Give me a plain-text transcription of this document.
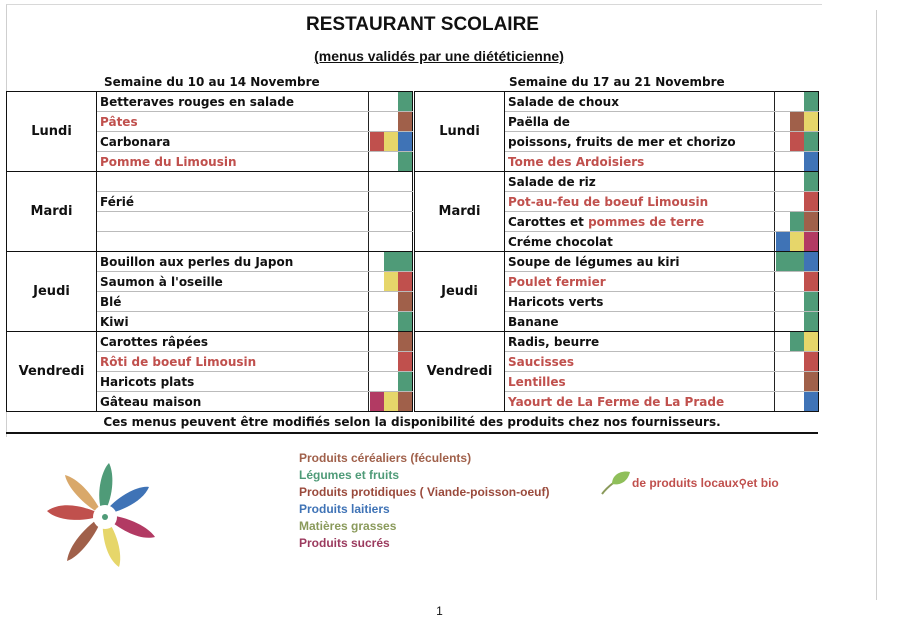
RESTAURANT SCOLAIRE
(menus validés par une diététicienne)
Semaine du 10 au 14 Novembre	Semaine du 17 au 21 Novembre
Lundi	Betteraves rouges en salade	

	Pâtes	

	Carbonara	

	Pomme du Limousin	

Mardi		

	Férié	

Jeudi	Bouillon aux perles du Japon	

	Saumon à l'oseille	

	Blé	

	Kiwi	

Vendredi	Carottes râpées	

	Rôti de boeuf Limousin	

	Haricots plats	

	Gâteau maison	
Lundi	Salade de choux	

	Paëlla de	

	poissons, fruits de mer et chorizo	

	Tome des Ardoisiers	

Mardi	Salade de riz	

	Pot-au-feu de boeuf Limousin	

	Carottes et pommes de terre	

	Créme chocolat	

Jeudi	Soupe de légumes au kiri	

	Poulet fermier	

	Haricots verts	

	Banane	

Vendredi	Radis, beurre	

	Saucisses	

	Lentilles	

	Yaourt de La Ferme de La Prade	
Ces menus peuvent être modifiés selon la disponibilité des produits chez nos fournisseurs.
Produits céréaliers (féculents)
Légumes et fruits
Produits protidiques ( Viande-poisson-oeuf)
Produits laitiers
Matières grasses
Produits sucrés
de produits locaux ⚲ et bio
1
